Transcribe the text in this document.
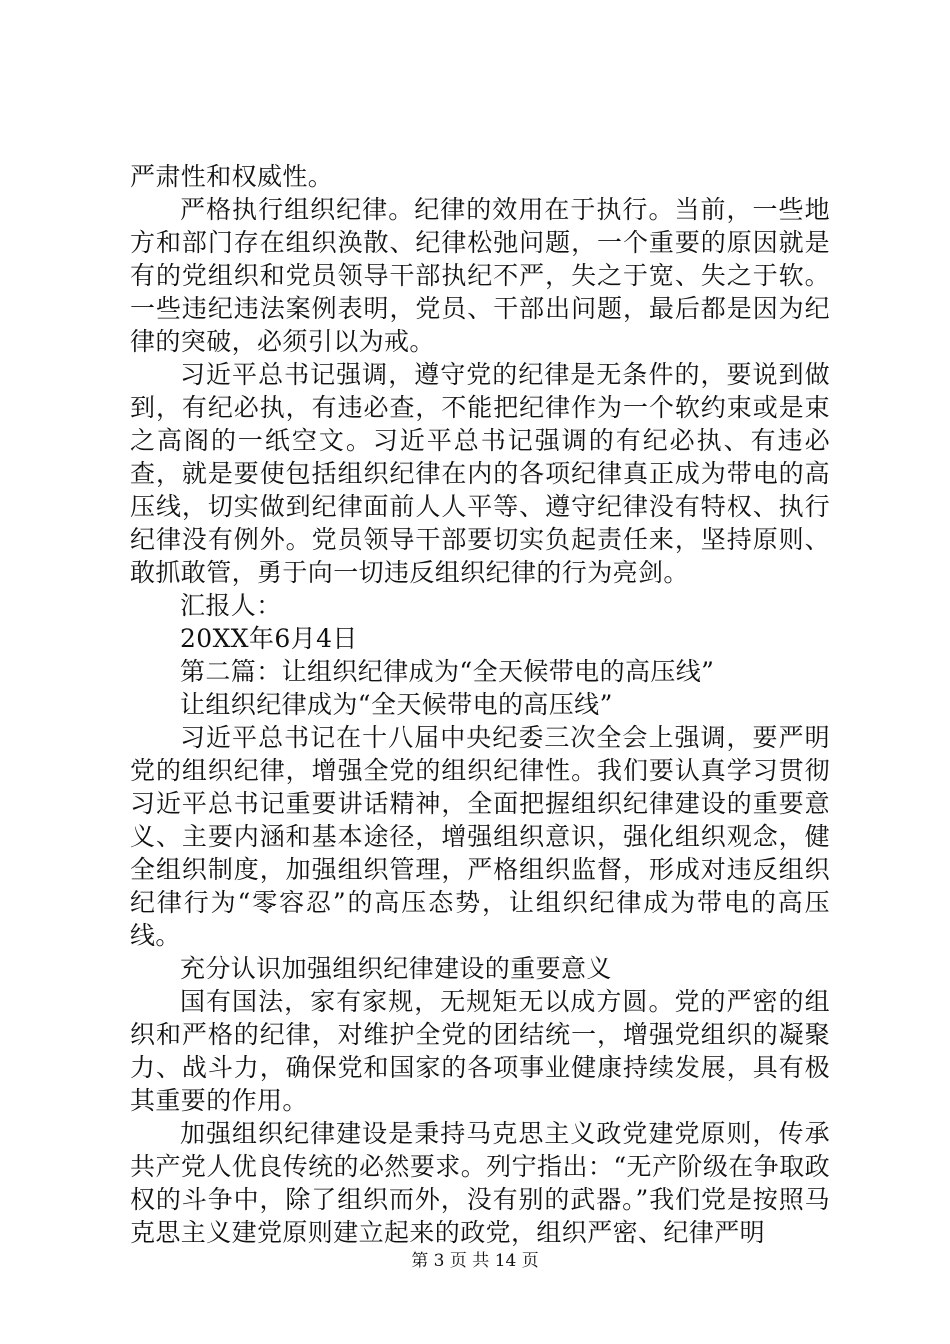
严肃性和权威性。

严格执行组织纪律。纪律的效用在于执行。当前，一些地方和部门存在组织涣散、纪律松弛问题，一个重要的原因就是有的党组织和党员领导干部执纪不严，失之于宽、失之于软。一些违纪违法案例表明，党员、干部出问题，最后都是因为纪律的突破，必须引以为戒。

习近平总书记强调，遵守党的纪律是无条件的，要说到做到，有纪必执，有违必查，不能把纪律作为一个软约束或是束之高阁的一纸空文。习近平总书记强调的有纪必执、有违必查，就是要使包括组织纪律在内的各项纪律真正成为带电的高压线，切实做到纪律面前人人平等、遵守纪律没有特权、执行纪律没有例外。党员领导干部要切实负起责任来，坚持原则、敢抓敢管，勇于向一切违反组织纪律的行为亮剑。

汇报人：

20XX年6月4日

第二篇：让组织纪律成为“全天候带电的高压线”

让组织纪律成为“全天候带电的高压线”

习近平总书记在十八届中央纪委三次全会上强调，要严明党的组织纪律，增强全党的组织纪律性。我们要认真学习贯彻习近平总书记重要讲话精神，全面把握组织纪律建设的重要意义、主要内涵和基本途径，增强组织意识，强化组织观念，健全组织制度，加强组织管理，严格组织监督，形成对违反组织纪律行为“零容忍”的高压态势，让组织纪律成为带电的高压线。

充分认识加强组织纪律建设的重要意义

国有国法，家有家规，无规矩无以成方圆。党的严密的组织和严格的纪律，对维护全党的团结统一，增强党组织的凝聚力、战斗力，确保党和国家的各项事业健康持续发展，具有极其重要的作用。

加强组织纪律建设是秉持马克思主义政党建党原则，传承共产党人优良传统的必然要求。列宁指出：“无产阶级在争取政权的斗争中，除了组织而外，没有别的武器。”我们党是按照马克思主义建党原则建立起来的政党，组织严密、纪律严明

第 3 页 共 14 页
